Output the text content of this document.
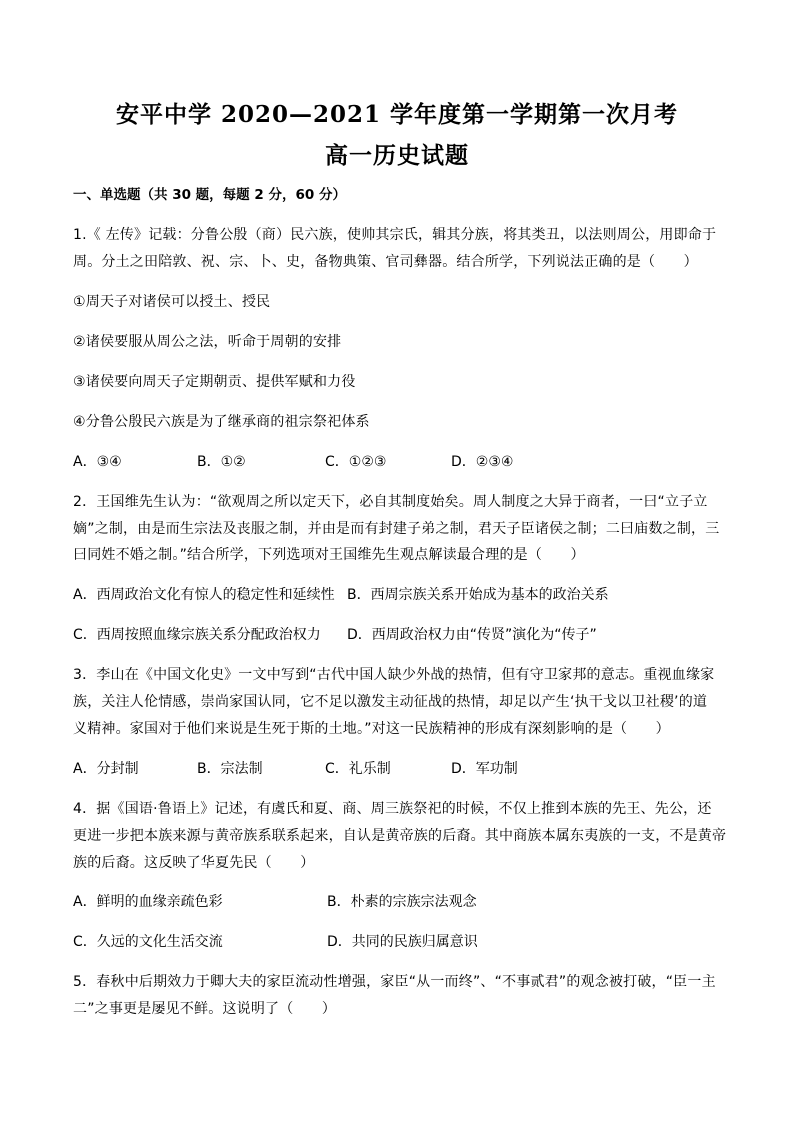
安平中学 2020—2021 学年度第一学期第一次月考
高一历史试题
一、单选题（共 30 题，每题 2 分，60 分）
1.《 左传》记载：分鲁公殷（商）民六族，使帅其宗氏，辑其分族，将其类丑，以法则周公，用即命于
周。分土之田陪敦、祝、宗、卜、史，备物典策、官司彝器。结合所学，下列说法正确的是（　　）
①周天子对诸侯可以授土、授民
②诸侯要服从周公之法，听命于周朝的安排
③诸侯要向周天子定期朝贡、提供军赋和力役
④分鲁公殷民六族是为了继承商的祖宗祭祀体系
A．③④	B．①②	C．①②③	D．②③④
2．王国维先生认为：“欲观周之所以定天下，必自其制度始矣。周人制度之大异于商者，一曰“立子立
嫡”之制，由是而生宗法及丧服之制，并由是而有封建子弟之制，君天子臣诸侯之制；二曰庙数之制，三
曰同姓不婚之制。”结合所学，下列选项对王国维先生观点解读最合理的是（　　）
A．西周政治文化有惊人的稳定性和延续性 B．西周宗族关系开始成为基本的政治关系
C．西周按照血缘宗族关系分配政治权力 D．西周政治权力由“传贤”演化为“传子”
3．李山在《中国文化史》一文中写到“古代中国人缺少外战的热情，但有守卫家邦的意志。重视血缘家
族，关注人伦情感，崇尚家国认同，它不足以激发主动征战的热情，却足以产生‘执干戈以卫社稷’的道
义精神。家国对于他们来说是生死于斯的土地。”对这一民族精神的形成有深刻影响的是（　　）
A．分封制	B．宗法制	C．礼乐制	D．军功制
4．据《国语·鲁语上》记述，有虞氏和夏、商、周三族祭祀的时候，不仅上推到本族的先王、先公，还
更进一步把本族来源与黄帝族系联系起来，自认是黄帝族的后裔。其中商族本属东夷族的一支，不是黄帝
族的后裔。这反映了华夏先民（　　）
A．鲜明的血缘亲疏色彩	B．朴素的宗族宗法观念
C．久远的文化生活交流	D．共同的民族归属意识
5．春秋中后期效力于卿大夫的家臣流动性增强，家臣“从一而终”、“不事贰君”的观念被打破，“臣一主
二”之事更是屡见不鲜。这说明了（　　）
